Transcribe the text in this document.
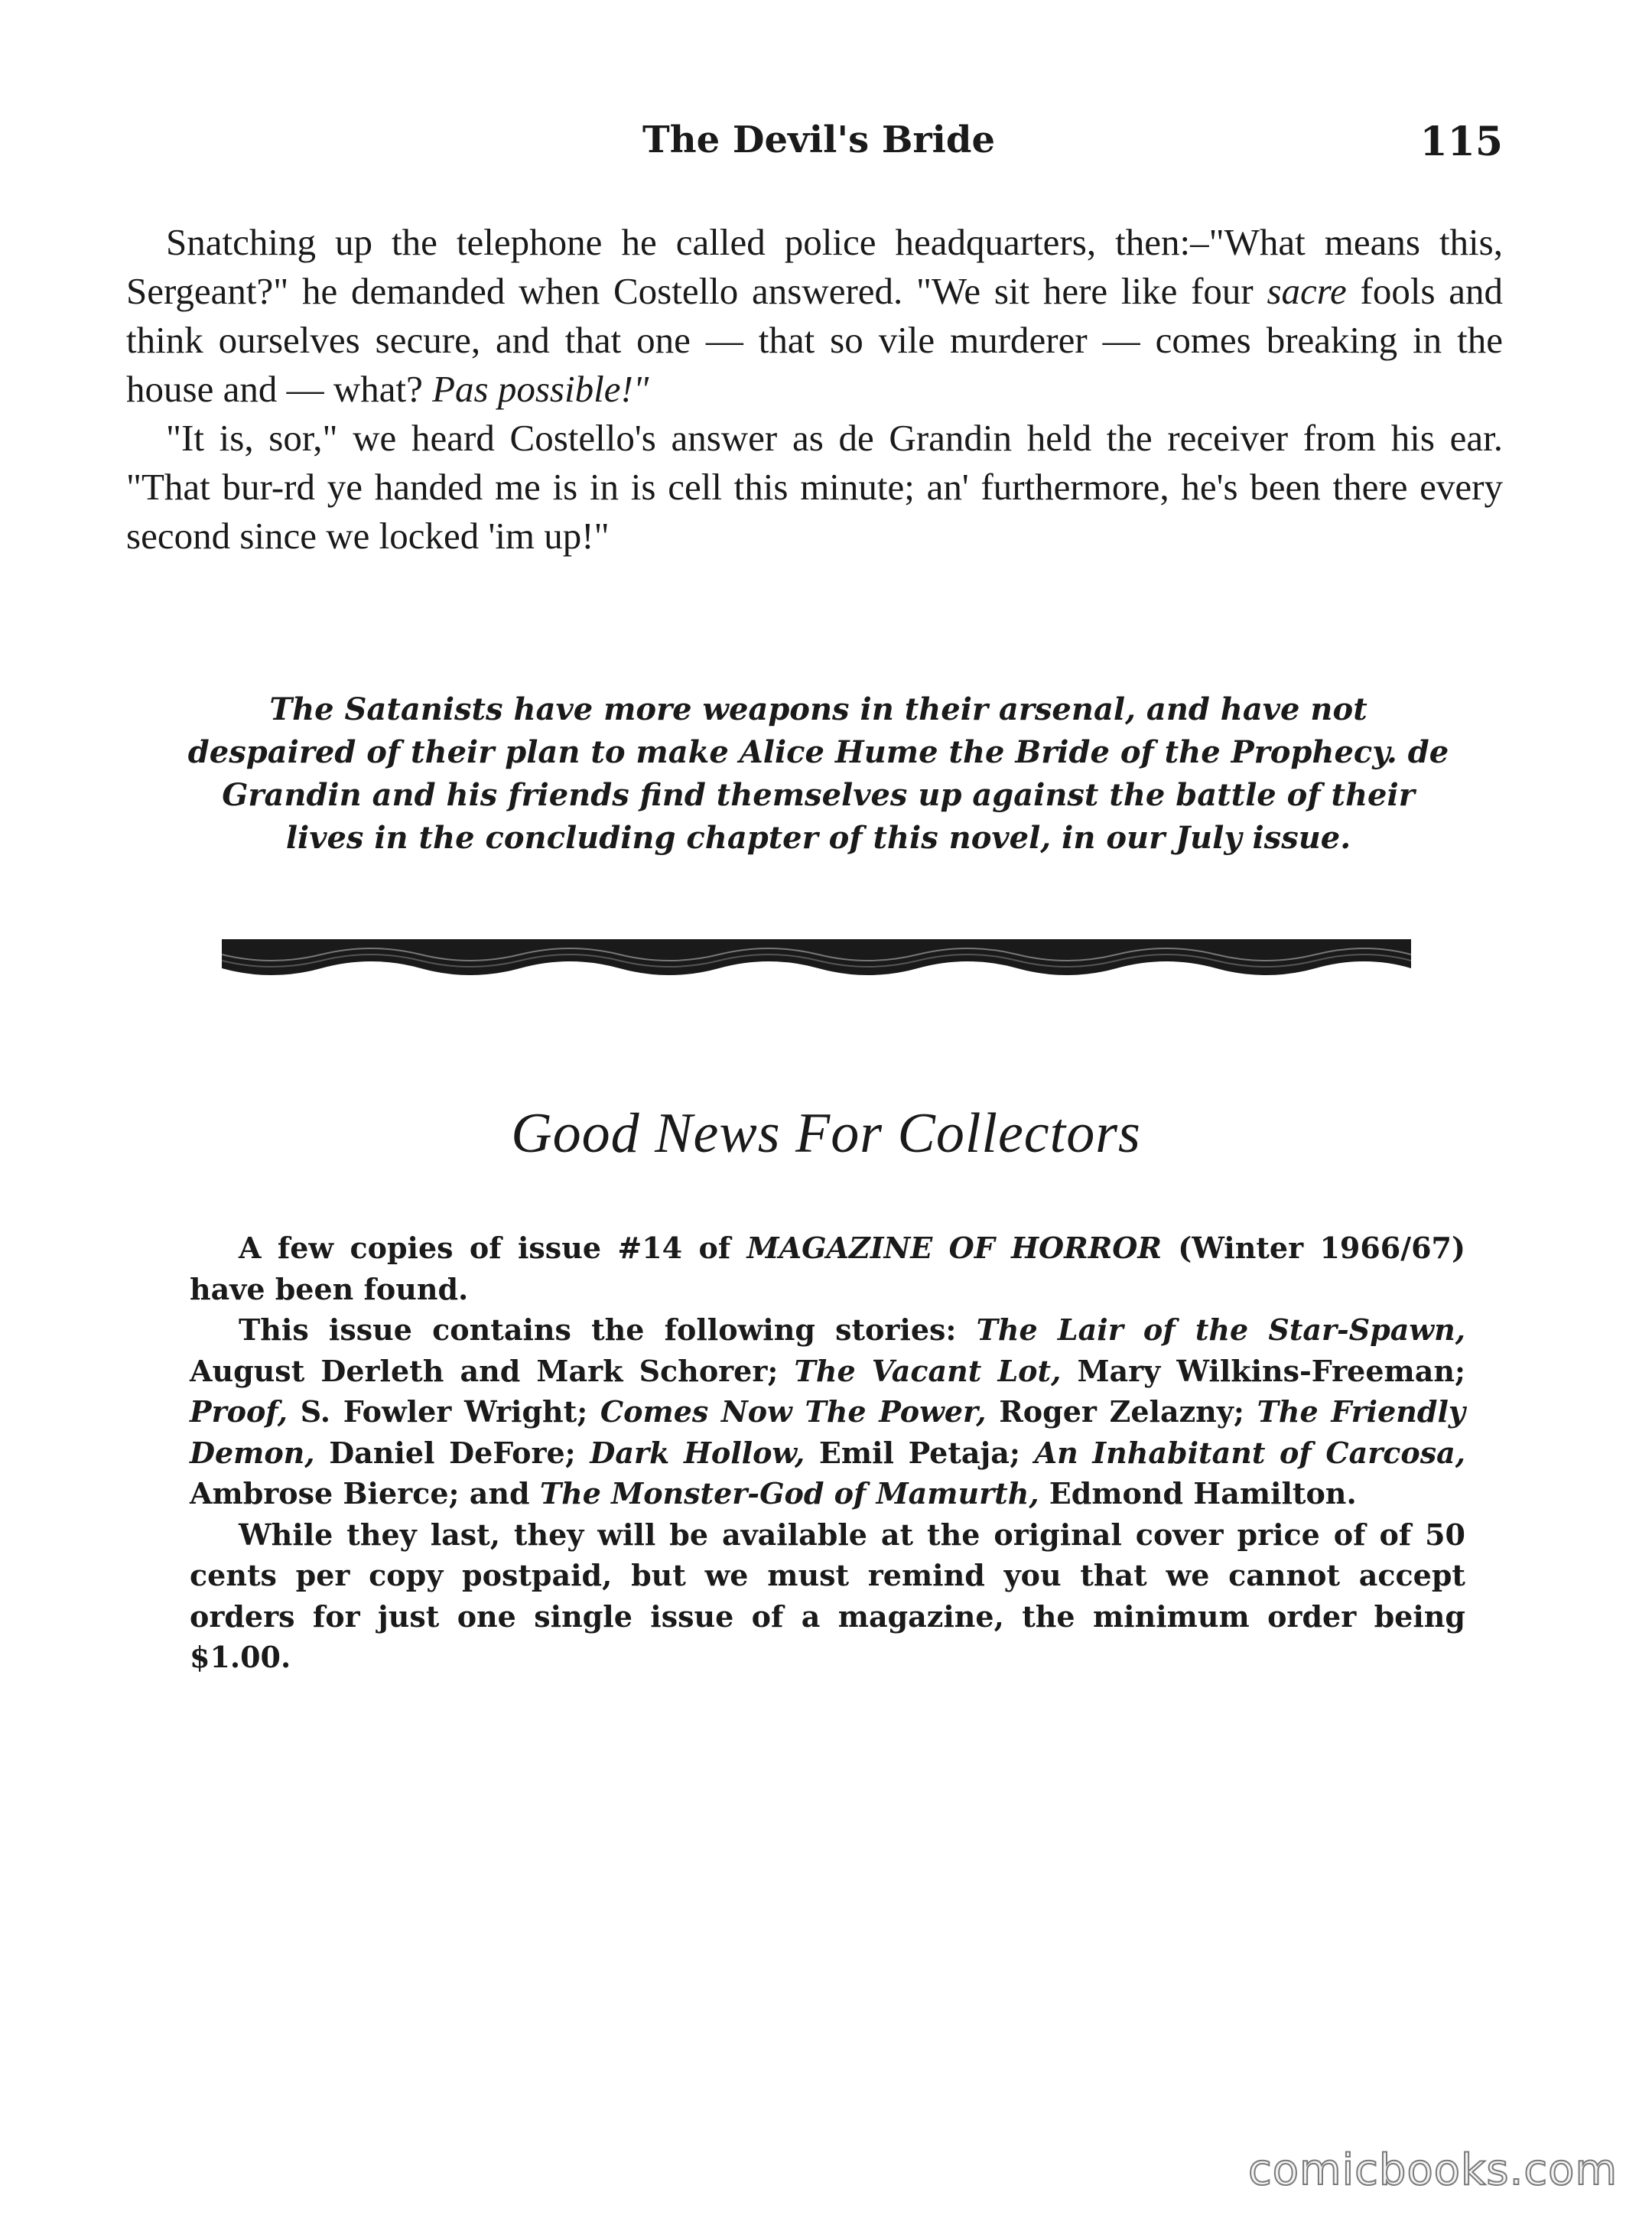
The Devil's Bride	115

Snatching up the telephone he called police headquarters, then:–"What means this, Sergeant?" he demanded when Costello answered. "We sit here like four sacre fools and think ourselves secure, and that one — that so vile murderer — comes breaking in the house and — what? Pas possible!"

"It is, sor," we heard Costello's answer as de Grandin held the receiver from his ear. "That bur-rd ye handed me is in is cell this minute; an' furthermore, he's been there every second since we locked 'im up!"

The Satanists have more weapons in their arsenal, and have not despaired of their plan to make Alice Hume the Bride of the Prophecy. de Grandin and his friends find themselves up against the battle of their lives in the concluding chapter of this novel, in our July issue.
Good News For Collectors

A few copies of issue #14 of MAGAZINE OF HORROR (Winter 1966/67) have been found.

This issue contains the following stories: The Lair of the Star-Spawn, August Derleth and Mark Schorer; The Vacant Lot, Mary Wilkins-Freeman; Proof, S. Fowler Wright; Comes Now The Power, Roger Zelazny; The Friendly Demon, Daniel DeFore; Dark Hollow, Emil Petaja; An Inhabitant of Carcosa, Ambrose Bierce; and The Monster-God of Mamurth, Edmond Hamilton.

While they last, they will be available at the original cover price of of 50 cents per copy postpaid, but we must remind you that we cannot accept orders for just one single issue of a magazine, the minimum order being $1.00.

comicbooks.com
